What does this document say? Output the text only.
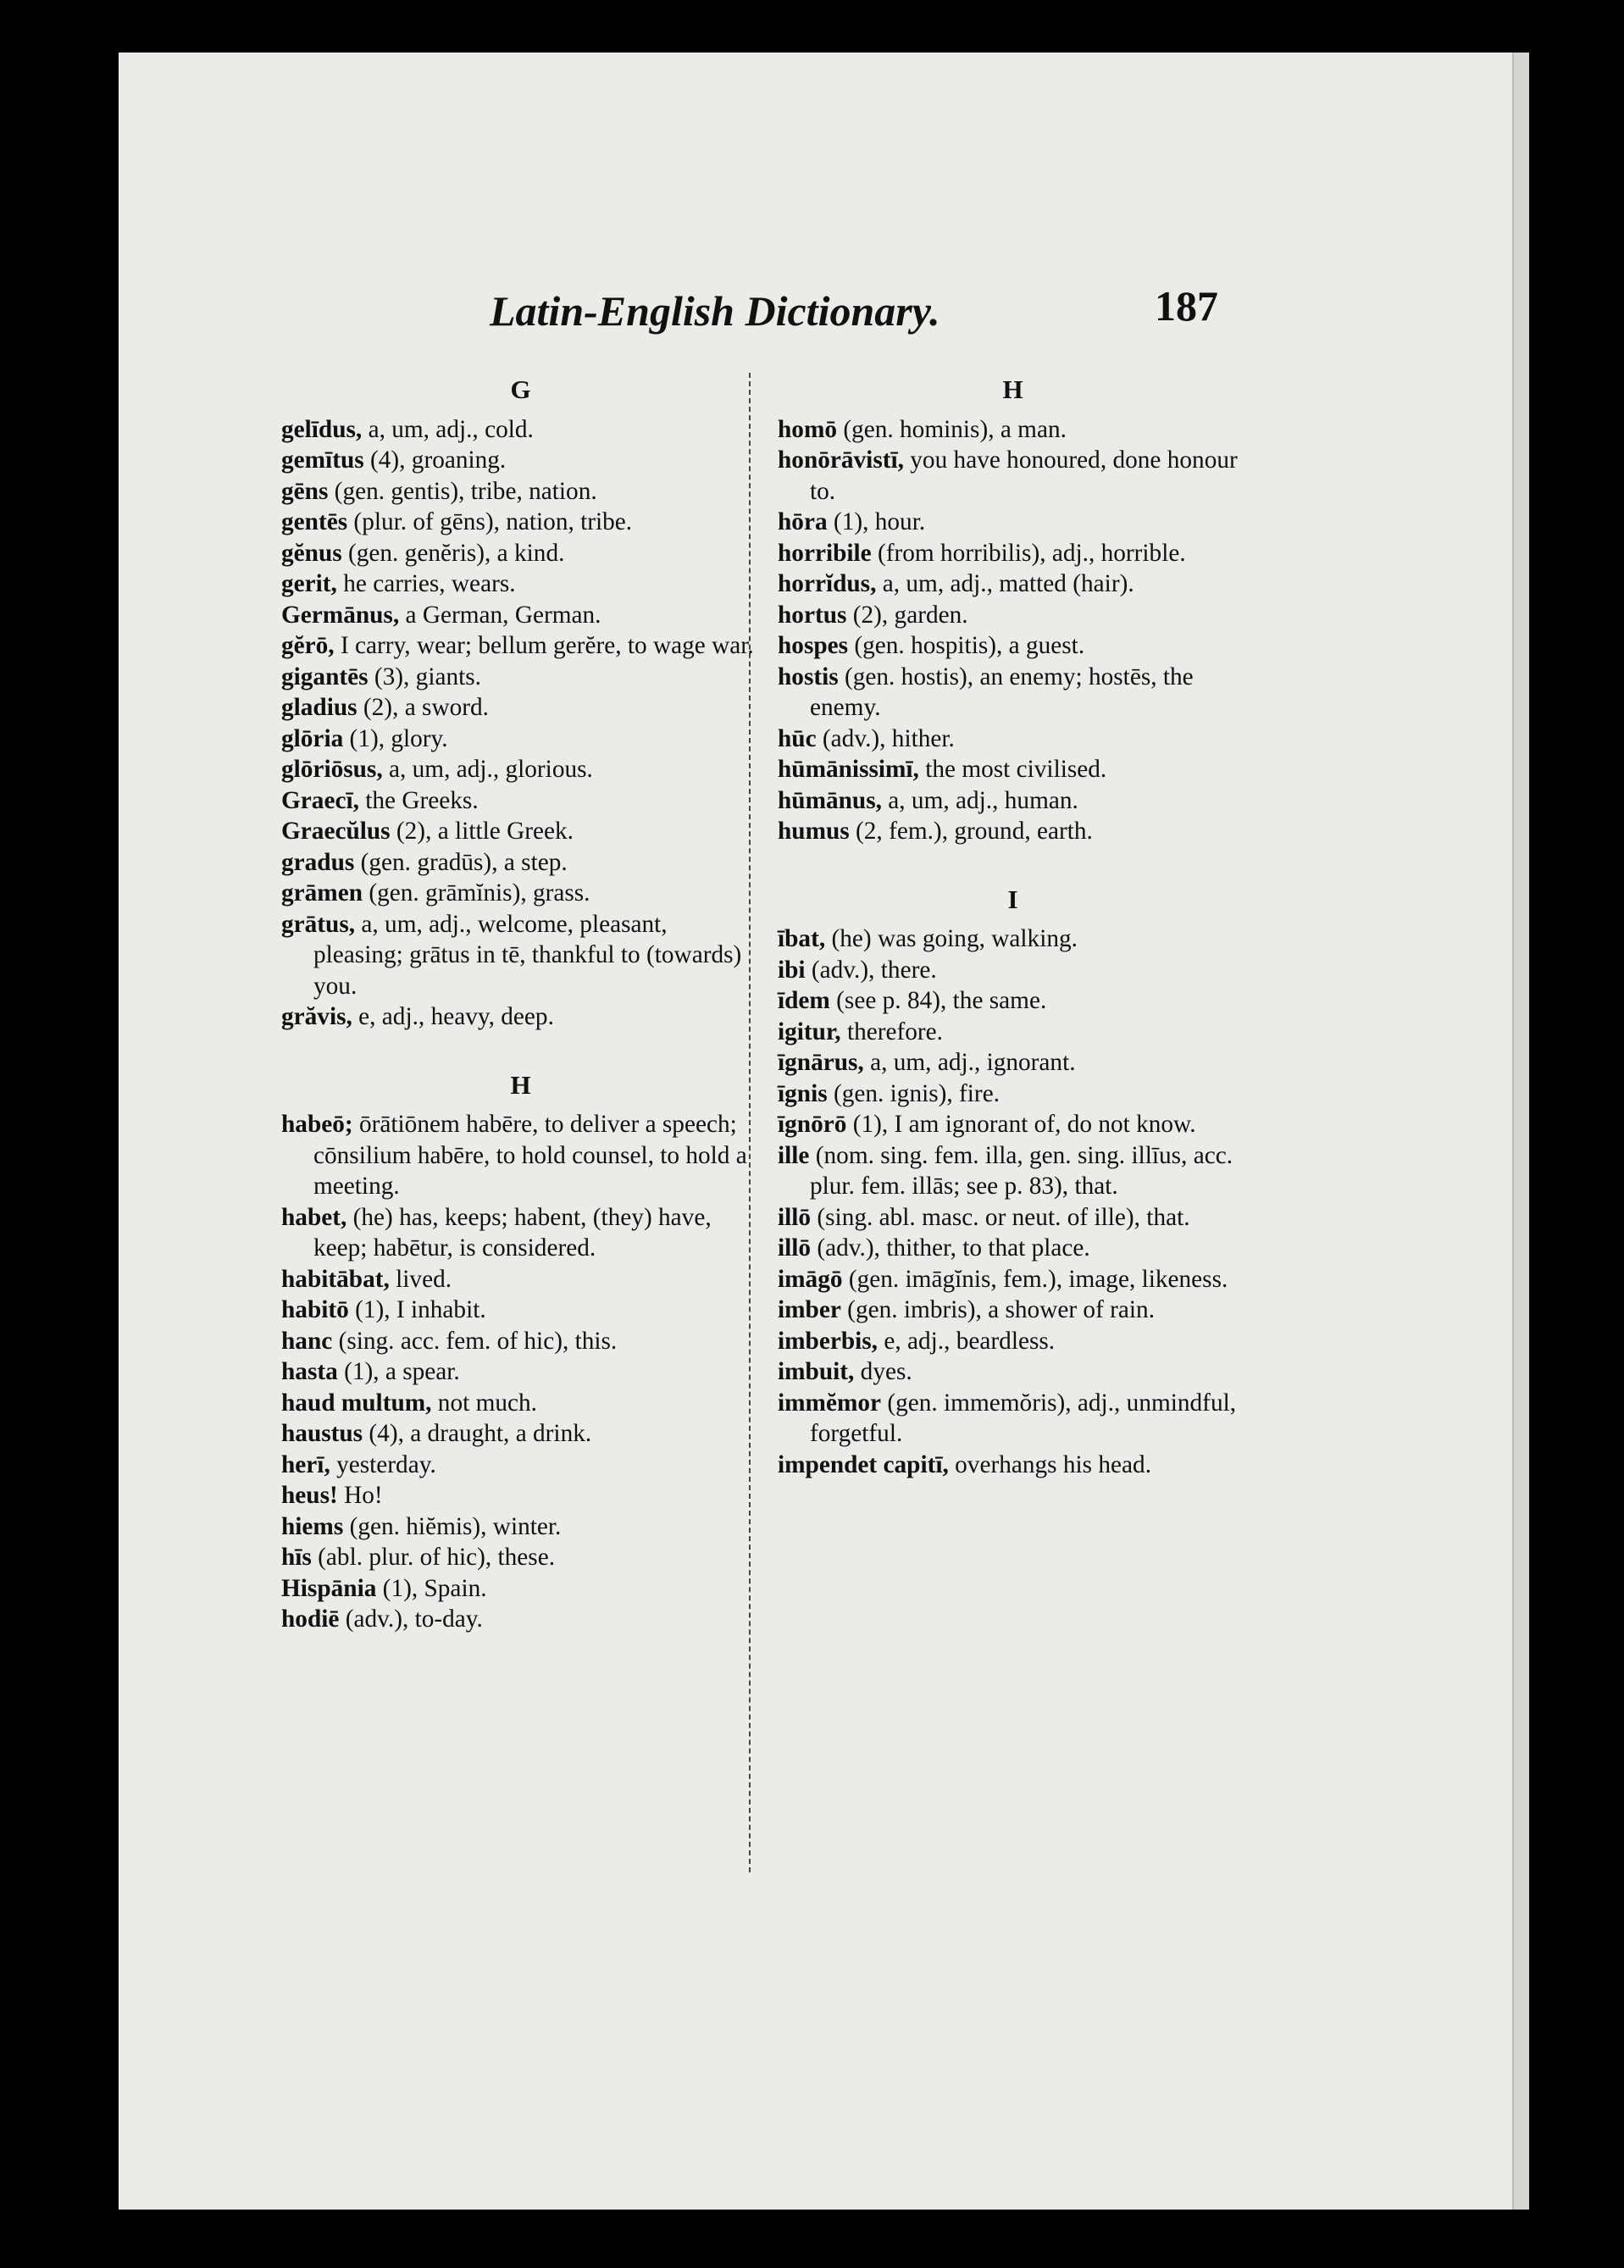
Latin-English Dictionary.	187
G

gelīdus, a, um, adj., cold.

gemītus (4), groaning.

gēns (gen. gentis), tribe, nation.

gentēs (plur. of gēns), nation, tribe.

gĕnus (gen. genĕris), a kind.

gerit, he carries, wears.

Germānus, a German, German.

gĕrō, I carry, wear; bellum gerĕre, to wage war.

gigantēs (3), giants.

gladius (2), a sword.

glōria (1), glory.

glōriōsus, a, um, adj., glorious.

Graecī, the Greeks.

Graecŭlus (2), a little Greek.

gradus (gen. gradūs), a step.

grāmen (gen. grāmĭnis), grass.

grātus, a, um, adj., welcome, pleasant, pleasing; grātus in tē, thankful to (towards) you.

grăvis, e, adj., heavy, deep.

H

habeō; ōrātiōnem habēre, to deliver a speech; cōnsilium habēre, to hold counsel, to hold a meeting.

habet, (he) has, keeps; habent, (they) have, keep; habētur, is considered.

habitābat, lived.

habitō (1), I inhabit.

hanc (sing. acc. fem. of hic), this.

hasta (1), a spear.

haud multum, not much.

haustus (4), a draught, a drink.

herī, yesterday.

heus! Ho!

hiems (gen. hiĕmis), winter.

hīs (abl. plur. of hic), these.

Hispānia (1), Spain.

hodiē (adv.), to-day.

H

homō (gen. hominis), a man.

honōrāvistī, you have honoured, done honour to.

hōra (1), hour.

horribile (from horribilis), adj., horrible.

horrĭdus, a, um, adj., matted (hair).

hortus (2), garden.

hospes (gen. hospitis), a guest.

hostis (gen. hostis), an enemy; hostēs, the enemy.

hūc (adv.), hither.

hūmānissimī, the most civilised.

hūmānus, a, um, adj., human.

humus (2, fem.), ground, earth.

I

ībat, (he) was going, walking.

ibi (adv.), there.

īdem (see p. 84), the same.

igitur, therefore.

īgnārus, a, um, adj., ignorant.

īgnis (gen. ignis), fire.

īgnōrō (1), I am ignorant of, do not know.

ille (nom. sing. fem. illa, gen. sing. illīus, acc. plur. fem. illās; see p. 83), that.

illō (sing. abl. masc. or neut. of ille), that.

illō (adv.), thither, to that place.

imāgō (gen. imāgĭnis, fem.), image, likeness.

imber (gen. imbris), a shower of rain.

imberbis, e, adj., beardless.

imbuit, dyes.

immĕmor (gen. immemŏris), adj., unmindful, forgetful.

impendet capitī, overhangs his head.
